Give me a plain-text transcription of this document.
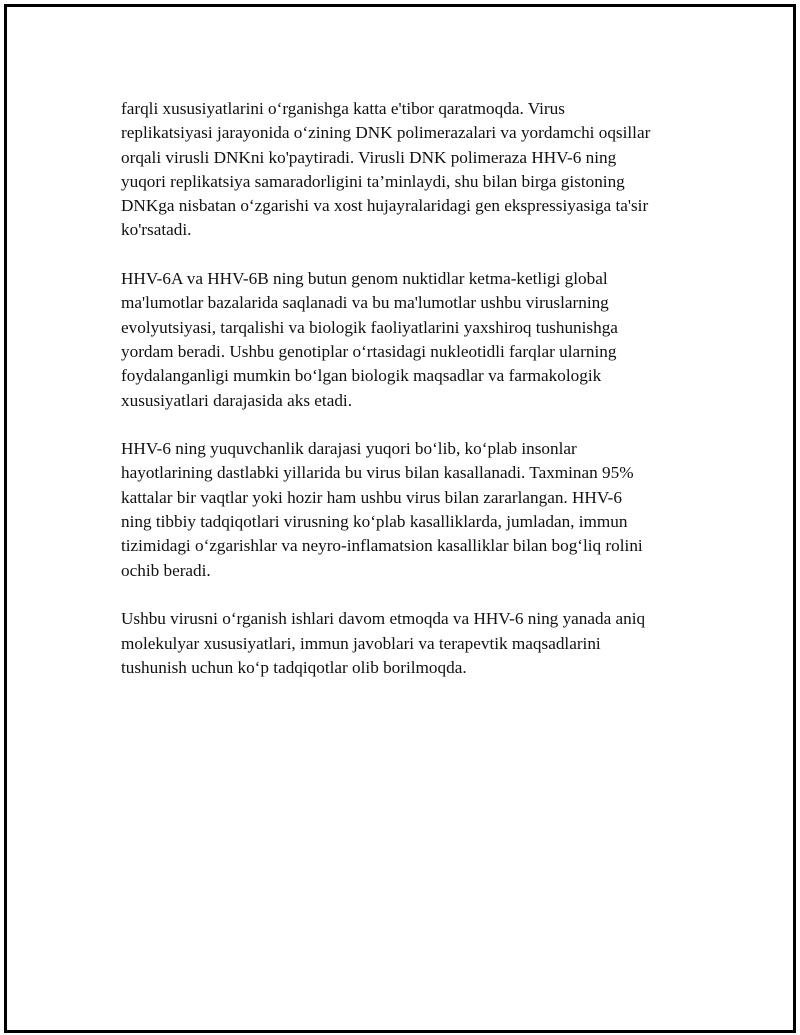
farqli xususiyatlarini o‘rganishga katta e'tibor qaratmoqda. Virus
replikatsiyasi jarayonida o‘zining DNK polimerazalari va yordamchi oqsillar
orqali virusli DNKni ko'paytiradi. Virusli DNK polimeraza HHV-6 ning
yuqori replikatsiya samaradorligini ta’minlaydi, shu bilan birga gistoning
DNKga nisbatan o‘zgarishi va xost hujayralaridagi gen ekspressiyasiga ta'sir
ko'rsatadi.

HHV-6A va HHV-6B ning butun genom nuktidlar ketma-ketligi global
ma'lumotlar bazalarida saqlanadi va bu ma'lumotlar ushbu viruslarning
evolyutsiyasi, tarqalishi va biologik faoliyatlarini yaxshiroq tushunishga
yordam beradi. Ushbu genotiplar o‘rtasidagi nukleotidli farqlar ularning
foydalanganligi mumkin bo‘lgan biologik maqsadlar va farmakologik
xususiyatlari darajasida aks etadi.

HHV-6 ning yuquvchanlik darajasi yuqori bo‘lib, ko‘plab insonlar
hayotlarining dastlabki yillarida bu virus bilan kasallanadi. Taxminan 95%
kattalar bir vaqtlar yoki hozir ham ushbu virus bilan zararlangan. HHV-6
ning tibbiy tadqiqotlari virusning ko‘plab kasalliklarda, jumladan, immun
tizimidagi o‘zgarishlar va neyro-inflamatsion kasalliklar bilan bog‘liq rolini
ochib beradi.

Ushbu virusni o‘rganish ishlari davom etmoqda va HHV-6 ning yanada aniq
molekulyar xususiyatlari, immun javoblari va terapevtik maqsadlarini
tushunish uchun ko‘p tadqiqotlar olib borilmoqda.
